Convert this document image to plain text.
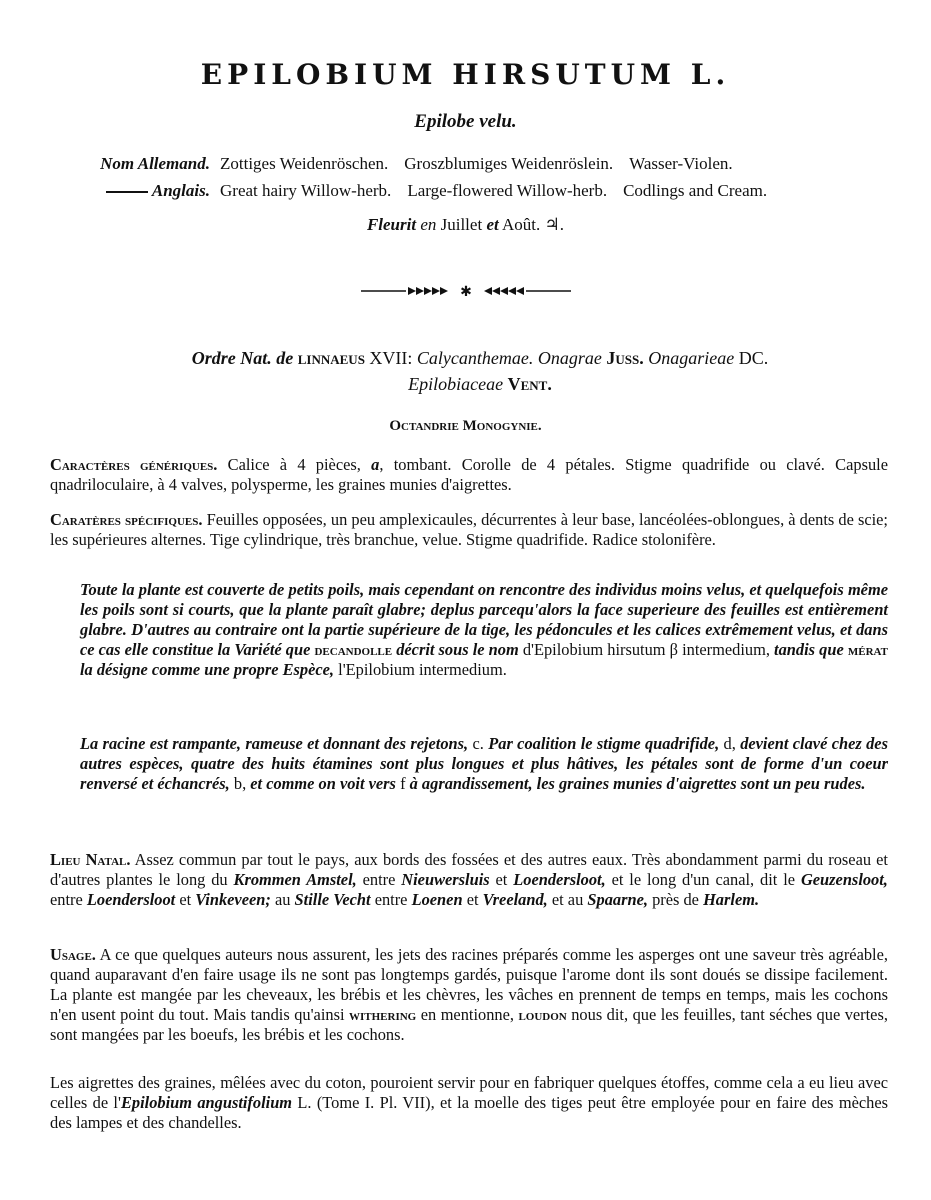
EPILOBIUM HIRSUTUM L.
Epilobe velu.
Nom Allemand. Zottiges Weidenröschen. Groszblumiges Weidenröslein. Wasser-Violen.
Anglais. Great hairy Willow-herb. Large-flowered Willow-herb. Codlings and Cream.
Fleurit en Juillet et Août. ♃.
✱
Ordre Nat. de linnaeus XVII: Calycanthemae. Onagrae Juss. Onagarieae DC.
Epilobiaceae Vent.
Octandrie Monogynie.
Caractères génériques. Calice à 4 pièces, a, tombant. Corolle de 4 pétales. Stigme quadrifide ou clavé. Capsule qnadriloculaire, à 4 valves, polysperme, les graines munies d'aigrettes.
Caratères spécifiques. Feuilles opposées, un peu amplexicaules, décurrentes à leur base, lancéolées-oblongues, à dents de scie; les supérieures alternes. Tige cylindrique, très branchue, velue. Stigme quadrifide. Radice stolonifère.
Toute la plante est couverte de petits poils, mais cependant on rencontre des individus moins velus, et quelquefois même les poils sont si courts, que la plante paraît glabre; deplus parcequ'alors la face superieure des feuilles est entièrement glabre. D'autres au contraire ont la partie supérieure de la tige, les pédoncules et les calices extrêmement velus, et dans ce cas elle constitue la Variété que decandolle décrit sous le nom d'Epilobium hirsutum β intermedium, tandis que mérat la désigne comme une propre Espèce, l'Epilobium intermedium.
La racine est rampante, rameuse et donnant des rejetons, c. Par coalition le stigme quadrifide, d, devient clavé chez des autres espèces, quatre des huits étamines sont plus longues et plus hâtives, les pétales sont de forme d'un coeur renversé et échancrés, b, et comme on voit vers f à agrandissement, les graines munies d'aigrettes sont un peu rudes.
Lieu Natal. Assez commun par tout le pays, aux bords des fossées et des autres eaux. Très abondamment parmi du roseau et d'autres plantes le long du Krommen Amstel, entre Nieuwersluis et Loendersloot, et le long d'un canal, dit le Geuzensloot, entre Loendersloot et Vinkeveen; au Stille Vecht entre Loenen et Vreeland, et au Spaarne, près de Harlem.
Usage. A ce que quelques auteurs nous assurent, les jets des racines préparés comme les asperges ont une saveur très agréable, quand auparavant d'en faire usage ils ne sont pas longtemps gardés, puisque l'arome dont ils sont doués se dissipe facilement. La plante est mangée par les cheveaux, les brébis et les chèvres, les vâches en prennent de temps en temps, mais les cochons n'en usent point du tout. Mais tandis qu'ainsi withering en mentionne, loudon nous dit, que les feuilles, tant séches que vertes, sont mangées par les boeufs, les brébis et les cochons.
Les aigrettes des graines, mêlées avec du coton, pouroient servir pour en fabriquer quelques étoffes, comme cela a eu lieu avec celles de l'Epilobium angustifolium L. (Tome I. Pl. VII), et la moelle des tiges peut être employée pour en faire des mèches des lampes et des chandelles.
